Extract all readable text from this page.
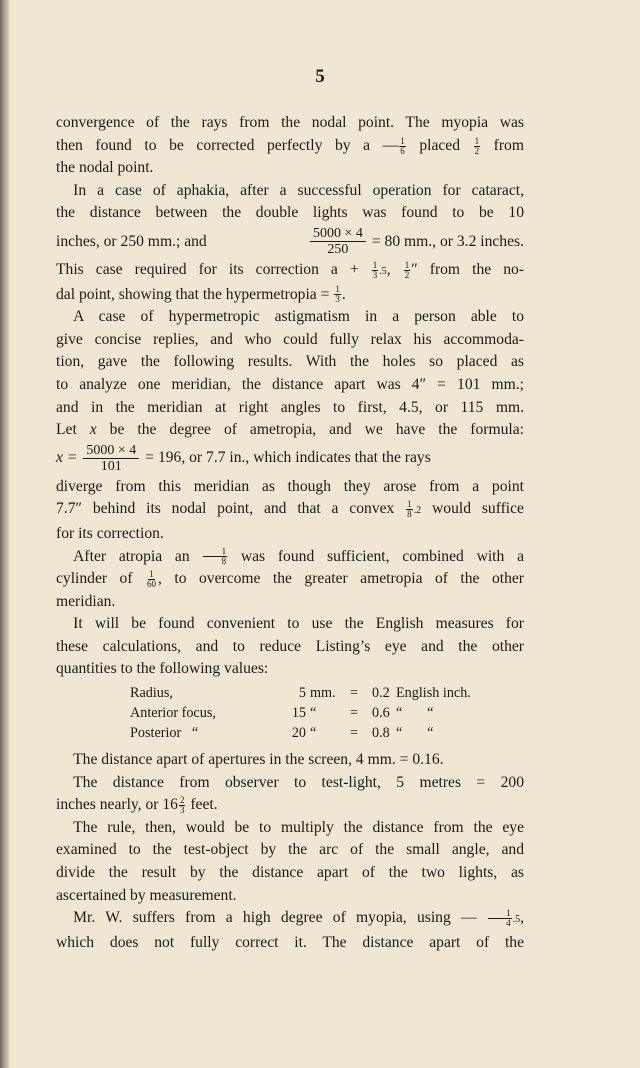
5

convergence of the rays from the nodal point. The myopia was

then found to be corrected perfectly by a — $\frac{1}{6}$ placed $\frac{1}{2}$ from

the nodal point.

In a case of aphakia, after a successful operation for cataract,

the distance between the double lights was found to be 10

inches, or 250 mm.; and	$\frac{5000 \times 4}{250} = 80$ mm., or 3.2 inches.

This case required for its correction $a + \frac{1}{3} .5$, $\frac{1}{2}$ ″ from the no-

dal point, showing that the hypermetropia = $\frac{1}{3}$ .

A case of hypermetropic astigmatism in a person able to

give concise replies, and who could fully relax his accommoda-

tion, gave the following results. With the holes so placed as

to analyze one meridian, the distance apart was 4″ = 101 mm.;

and in the meridian at right angles to first, 4.5, or 115 mm.

Let x be the degree of ametropia, and we have the formula:

$x = \frac{5000 \times 4}{101} = 196$, or 7.7 in., which indicates that the rays

diverge from this meridian as though they arose from a point

7.7″ behind its nodal point, and that a convex $\frac{1}{8} .2$ would suffice

for its correction.

After atropia an $\frac{1}{8}$ was found sufficient, combined with a

cylinder of $\frac{1}{60}$ , to overcome the greater ametropia of the other

meridian.

It will be found convenient to use the English measures for

these calculations, and to reduce Listing’s eye and the other

quantities to the following values:

Radius,	5 mm.	= 0.2 English inch.
Anterior focus,	15 “	= 0.6 “       “
Posterior   “	20 “	= 0.8 “       “

The distance apart of apertures in the screen, 4 mm. = 0.16.

The distance from observer to test-light, 5 metres = 200

inches nearly, or $16 \frac{2}{3}$ feet.

The rule, then, would be to multiply the distance from the eye

examined to the test-object by the arc of the small angle, and

divide the result by the distance apart of the two lights, as

ascertained by measurement.

Mr. W. suffers from a high degree of myopia, using — $\frac{1}{4} .5$,

which does not fully correct it. The distance apart of the
